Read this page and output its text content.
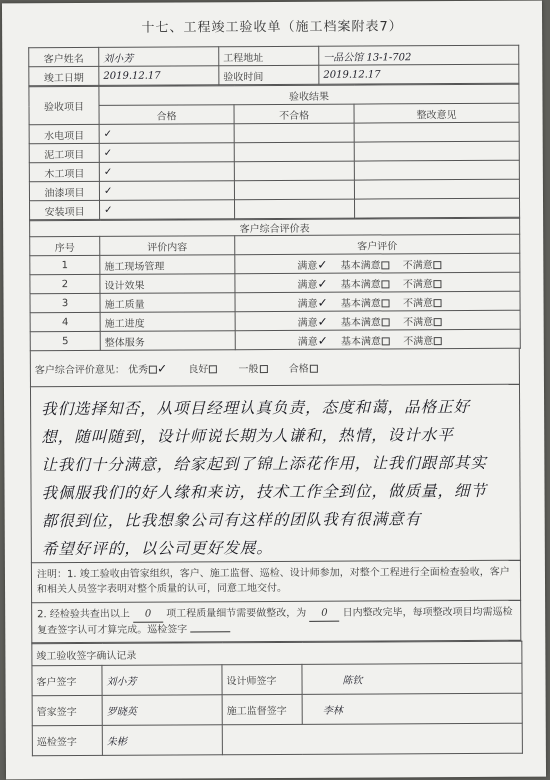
十七、工程竣工验收单（施工档案附表7）
客户姓名	刘小芳	工程地址	一品公馆 13-1-702
竣工日期	2019.12.17	验收时间	2019.12.17
验收项目	验收结果		
	合格	不合格	整改意见
水电项目	✓		
泥工项目	✓		
木工项目	✓		
油漆项目	✓		
安装项目	✓		
客户综合评价表		
序号	评价内容	客户评价
1	施工现场管理	满意✓ 基本满意 不满意
2	设计效果	满意✓ 基本满意 不满意
3	施工质量	满意✓ 基本满意 不满意
4	施工进度	满意✓ 基本满意 不满意
5	整体服务	满意✓ 基本满意 不满意
客户综合评价意见： 优秀 ✓ 良好	一般	合格
我们选择知否，从项目经理认真负责，态度和蔼，品格正好
想，随叫随到，设计师说长期为人谦和，热情，设计水平
让我们十分满意，给家起到了锦上添花作用，让我们跟部其实
我佩服我们的好人缘和来访，技术工作全到位，做质量，细节
都很到位，比我想象公司有这样的团队我有很满意有
希望好评的，以公司更好发展。
注明：1. 竣工验收由管家组织，客户、施工监督、巡检、设计师参加，对整个工程进行全面检查验收，客户和相关人员签字表明对整个质量的认可，同意工地交付。
2. 经检验共查出以上 0 项工程质量细节需要做整改，为 0 日内整改完毕，每项整改项目均需巡检复查签字认可才算完成。巡检签字
竣工验收签字确认记录			
客户签字	刘小芳	设计师签字	陈钦
管家签字	罗晓英	施工监督签字	李林
巡检签字	朱彬		
